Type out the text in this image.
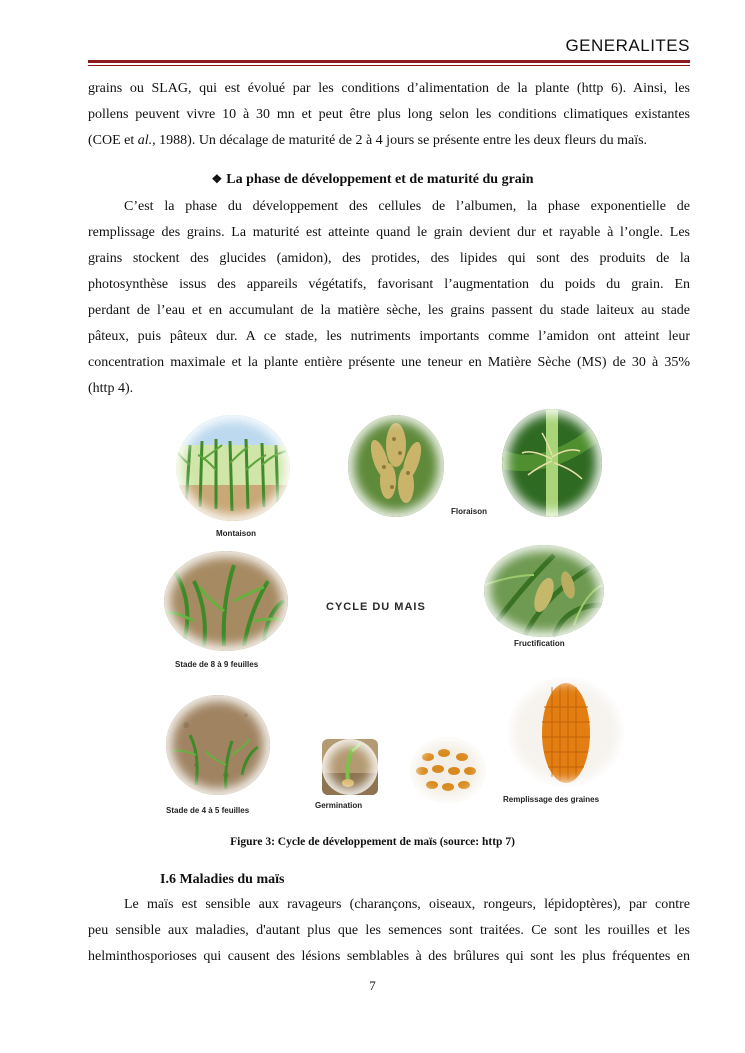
GENERALITES
grains ou SLAG, qui est évolué par les conditions d’alimentation de la plante (http 6). Ainsi, les
pollens peuvent vivre 10 à 30 mn et peut être plus long selon les conditions climatiques existantes
(COE et al., 1988). Un décalage de maturité de 2 à 4 jours se présente entre les deux fleurs du maïs.
❖ La phase de développement et de maturité du grain
C’est la phase du développement des cellules de l’albumen, la phase exponentielle de
remplissage des grains. La maturité est atteinte quand le grain devient dur et rayable à l’ongle. Les
grains stockent des glucides (amidon), des protides, des lipides qui sont des produits de la
photosynthèse issus des appareils végétatifs, favorisant l’augmentation du poids du grain. En
perdant de l’eau et en accumulant de la matière sèche, les grains passent du stade laiteux au stade
pâteux, puis pâteux dur. A ce stade, les nutriments importants comme l’amidon ont atteint leur
concentration maximale et la plante entière présente une teneur en Matière Sèche (MS) de 30 à 35%
(http 4).
Montaison
Floraison
Stade de 8 à 9 feuilles
CYCLE DU MAIS
Fructification
Stade de 4 à 5 feuilles
Germination
Remplissage des graines
Figure 3: Cycle de développement de maïs (source: http 7)
I.6 Maladies du maïs
Le maïs est sensible aux ravageurs (charançons, oiseaux, rongeurs, lépidoptères), par contre
peu sensible aux maladies, d'autant plus que les semences sont traitées. Ce sont les rouilles et les
helminthosporioses qui causent des lésions semblables à des brûlures qui sont les plus fréquentes en
7
